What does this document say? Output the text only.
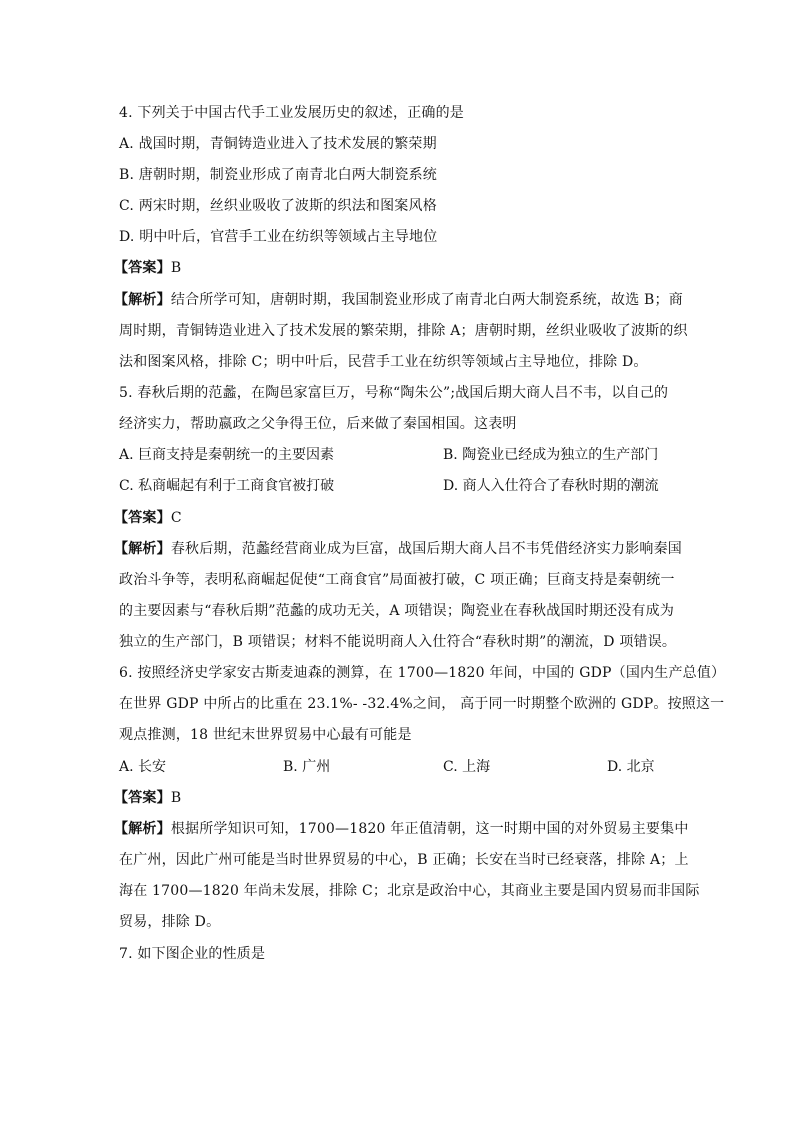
4. 下列关于中国古代手工业发展历史的叙述，正确的是
A. 战国时期，青铜铸造业进入了技术发展的繁荣期
B. 唐朝时期，制瓷业形成了南青北白两大制瓷系统
C. 两宋时期，丝织业吸收了波斯的织法和图案风格
D. 明中叶后，官营手工业在纺织等领域占主导地位
【答案】B
【解析】结合所学可知，唐朝时期，我国制瓷业形成了南青北白两大制瓷系统，故选 B；商
周时期，青铜铸造业进入了技术发展的繁荣期，排除 A；唐朝时期，丝织业吸收了波斯的织
法和图案风格，排除 C；明中叶后，民营手工业在纺织等领域占主导地位，排除 D。
5. 春秋后期的范蠡，在陶邑家富巨万，号称“陶朱公”;战国后期大商人吕不韦，以自己的
经济实力，帮助嬴政之父争得王位，后来做了秦国相国。这表明
A. 巨商支持是秦朝统一的主要因素	B. 陶瓷业已经成为独立的生产部门
C. 私商崛起有利于工商食官被打破	D. 商人入仕符合了春秋时期的潮流
【答案】C
【解析】春秋后期，范蠡经营商业成为巨富，战国后期大商人吕不韦凭借经济实力影响秦国
政治斗争等，表明私商崛起促使“工商食官”局面被打破，C 项正确；巨商支持是秦朝统一
的主要因素与“春秋后期”范蠡的成功无关，A 项错误；陶瓷业在春秋战国时期还没有成为
独立的生产部门，B 项错误；材料不能说明商人入仕符合“春秋时期”的潮流，D 项错误。
6. 按照经济史学家安古斯麦迪森的测算，在 1700—1820 年间，中国的 GDP（国内生产总值）
在世界 GDP 中所占的比重在 23.1%- -32.4%之间， 高于同一时期整个欧洲的 GDP。按照这一
观点推测，18 世纪末世界贸易中心最有可能是
A. 长安	B. 广州	C. 上海	D. 北京
【答案】B
【解析】根据所学知识可知，1700—1820 年正值清朝，这一时期中国的对外贸易主要集中
在广州，因此广州可能是当时世界贸易的中心，B 正确；长安在当时已经衰落，排除 A；上
海在 1700—1820 年尚未发展，排除 C；北京是政治中心，其商业主要是国内贸易而非国际
贸易，排除 D。
7. 如下图企业的性质是
